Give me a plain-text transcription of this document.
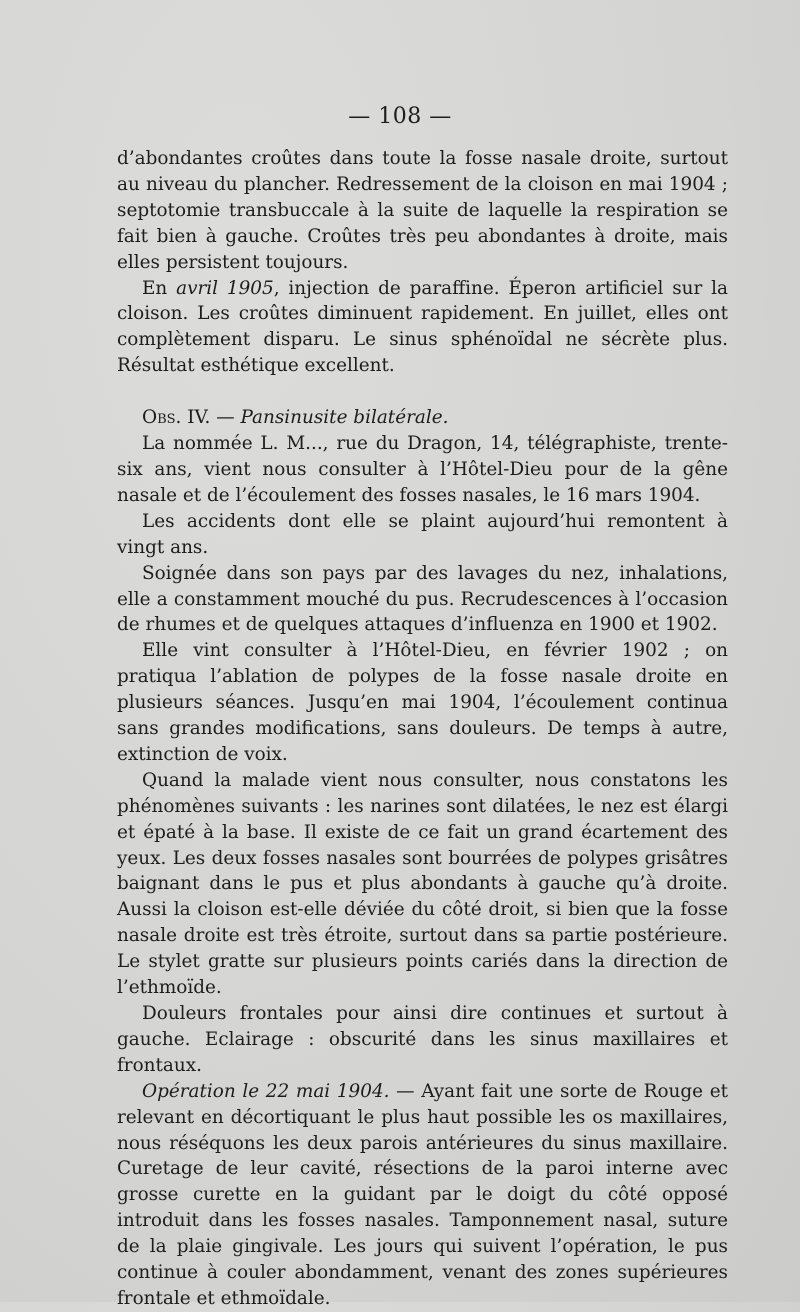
— 108 —

d’abondantes croûtes dans toute la fosse nasale droite, surtout au niveau du plancher. Redressement de la cloison en mai 1904 ; septotomie transbuccale à la suite de laquelle la respiration se fait bien à gauche. Croûtes très peu abondantes à droite, mais elles persistent toujours.

En avril 1905, injection de paraffine. Éperon artificiel sur la cloison. Les croûtes diminuent rapidement. En juillet, elles ont complètement disparu. Le sinus sphénoïdal ne sécrète plus. Résultat esthétique excellent.

Obs. IV. — Pansinusite bilatérale.

La nommée L. M..., rue du Dragon, 14, télégraphiste, trente-six ans, vient nous consulter à l’Hôtel-Dieu pour de la gêne nasale et de l’écoulement des fosses nasales, le 16 mars 1904.

Les accidents dont elle se plaint aujourd’hui remontent à vingt ans.

Soignée dans son pays par des lavages du nez, inhalations, elle a constamment mouché du pus. Recrudescences à l’occasion de rhumes et de quelques attaques d’influenza en 1900 et 1902.

Elle vint consulter à l’Hôtel-Dieu, en février 1902 ; on pratiqua l’ablation de polypes de la fosse nasale droite en plusieurs séances. Jusqu’en mai 1904, l’écoulement continua sans grandes modifications, sans douleurs. De temps à autre, extinction de voix.

Quand la malade vient nous consulter, nous constatons les phénomènes suivants : les narines sont dilatées, le nez est élargi et épaté à la base. Il existe de ce fait un grand écartement des yeux. Les deux fosses nasales sont bourrées de polypes grisâtres baignant dans le pus et plus abondants à gauche qu’à droite. Aussi la cloison est-elle déviée du côté droit, si bien que la fosse nasale droite est très étroite, surtout dans sa partie postérieure. Le stylet gratte sur plusieurs points cariés dans la direction de l’ethmoïde.

Douleurs frontales pour ainsi dire continues et surtout à gauche. Eclairage : obscurité dans les sinus maxillaires et frontaux.

Opération le 22 mai 1904. — Ayant fait une sorte de Rouge et relevant en décortiquant le plus haut possible les os maxillaires, nous réséquons les deux parois antérieures du sinus maxillaire. Curetage de leur cavité, résections de la paroi interne avec grosse curette en la guidant par le doigt du côté opposé introduit dans les fosses nasales. Tamponnement nasal, suture de la plaie gingivale. Les jours qui suivent l’opération, le pus continue à couler abondamment, venant des zones supérieures frontale et ethmoïdale.
